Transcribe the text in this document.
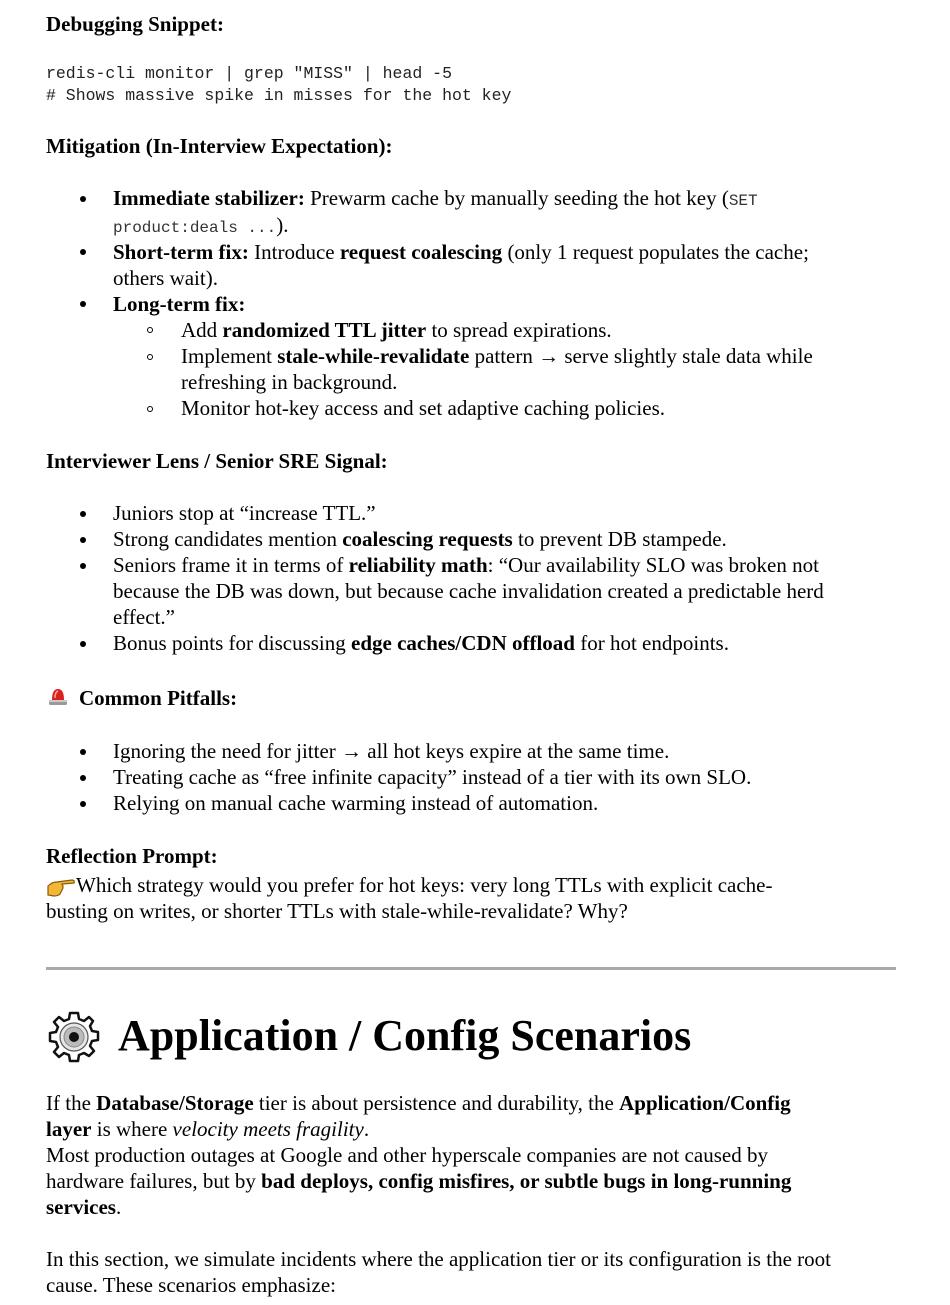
Debugging Snippet:
redis-cli monitor | grep "MISS" | head -5
# Shows massive spike in misses for the hot key
Mitigation (In-Interview Expectation):
Immediate stabilizer: Prewarm cache by manually seeding the hot key (SET
product:deals ...).
Short-term fix: Introduce request coalescing (only 1 request populates the cache;
others wait).
Long-term fix:
Add randomized TTL jitter to spread expirations.
Implement stale-while-revalidate pattern → serve slightly stale data while
refreshing in background.
Monitor hot-key access and set adaptive caching policies.
Interviewer Lens / Senior SRE Signal:
Juniors stop at “increase TTL.”
Strong candidates mention coalescing requests to prevent DB stampede.
Seniors frame it in terms of reliability math: “Our availability SLO was broken not
because the DB was down, but because cache invalidation created a predictable herd
effect.”
Bonus points for discussing edge caches/CDN offload for hot endpoints.
Common Pitfalls:
Ignoring the need for jitter → all hot keys expire at the same time.
Treating cache as “free infinite capacity” instead of a tier with its own SLO.
Relying on manual cache warming instead of automation.
Reflection Prompt:
Which strategy would you prefer for hot keys: very long TTLs with explicit cache-
busting on writes, or shorter TTLs with stale-while-revalidate? Why?
Application / Config Scenarios
If the Database/Storage tier is about persistence and durability, the Application/Config
layer is where velocity meets fragility.
Most production outages at Google and other hyperscale companies are not caused by
hardware failures, but by bad deploys, config misfires, or subtle bugs in long-running
services.
In this section, we simulate incidents where the application tier or its configuration is the root
cause. These scenarios emphasize:
